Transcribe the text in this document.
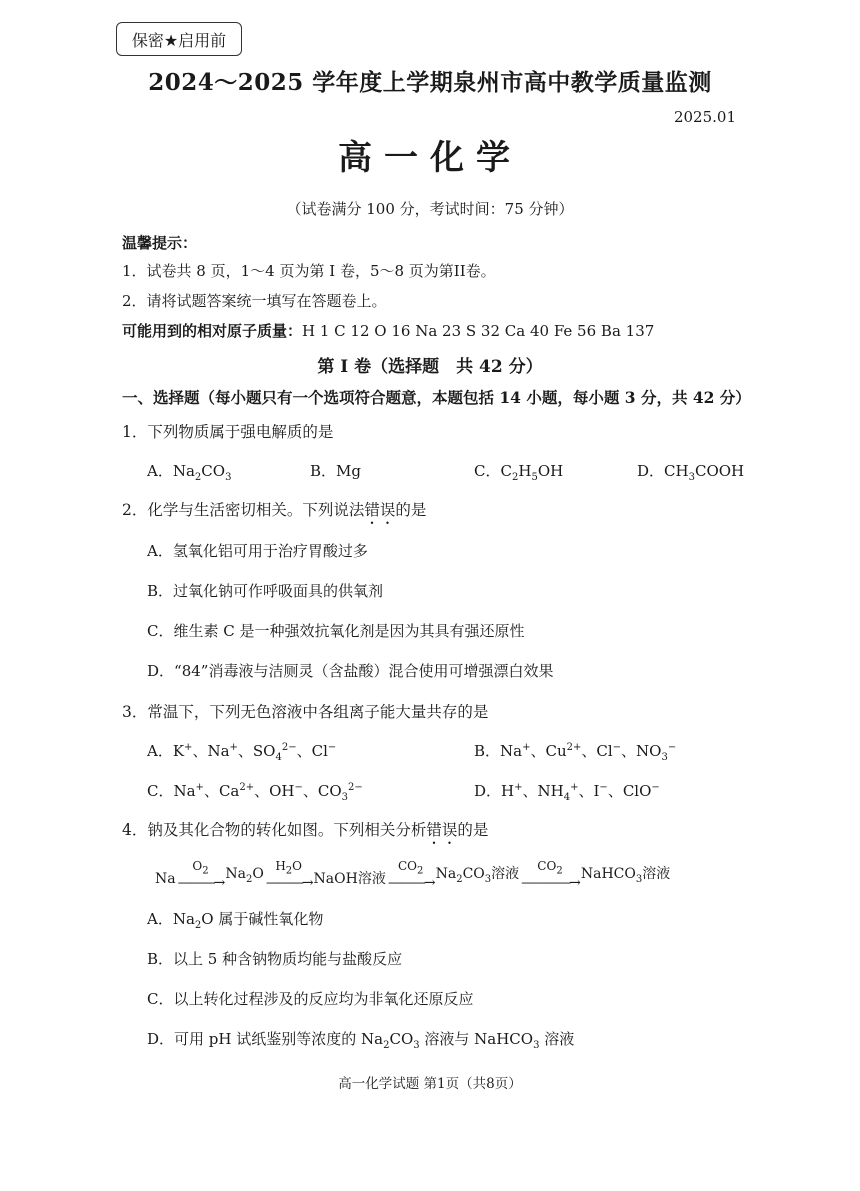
保密★启用前
2024～2025 学年度上学期泉州市高中教学质量监测
2025.01
高一化学
（试卷满分 100 分，考试时间：75 分钟）
温馨提示：
1．试卷共 8 页，1～4 页为第 I 卷，5～8 页为第II卷。
2．请将试题答案统一填写在答题卷上。
可能用到的相对原子质量：H 1 C 12 O 16 Na 23 S 32 Ca 40 Fe 56 Ba 137
第 I 卷（选择题　共 42 分）
一、选择题（每小题只有一个选项符合题意，本题包括 14 小题，每小题 3 分，共 42 分）
1．下列物质属于强电解质的是
A．$Na_2CO_3$	B．Mg	C．$C_2H_5OH$	D．$CH_3COOH$
2．化学与生活密切相关。下列说法错误的是
A．氢氧化铝可用于治疗胃酸过多
B．过氧化钠可作呼吸面具的供氧剂
C．维生素 C 是一种强效抗氧化剂是因为其具有强还原性
D．“84”消毒液与洁厕灵（含盐酸）混合使用可增强漂白效果
3．常温下，下列无色溶液中各组离子能大量共存的是
A．K+、Na+、$SO_4^{2-}$、Cl−	B．Na+、$Cu^{2+}$、Cl−、$NO_3^-$
C．Na+、$Ca^{2+}$、OH−、$CO_3^{2-}$	D．H+、$NH_4^+$、I−、ClO−
4．钠及其化合物的转化如图。下列相关分析错误的是
Na
$O_2$
———→
$Na_2O$ $H_2O$
———→ NaOH溶液
$CO_2$
———→
$Na_2CO_3$溶液 $CO_2$
————→
NaHCO$_3$溶液
A．$Na_2O$ 属于碱性氧化物
B．以上 5 种含钠物质均能与盐酸反应
C．以上转化过程涉及的反应均为非氧化还原反应
D．可用 pH 试纸鉴别等浓度的 $Na_2CO_3$ 溶液与 NaHCO$_3$ 溶液
高一化学试题 第1页（共8页）
